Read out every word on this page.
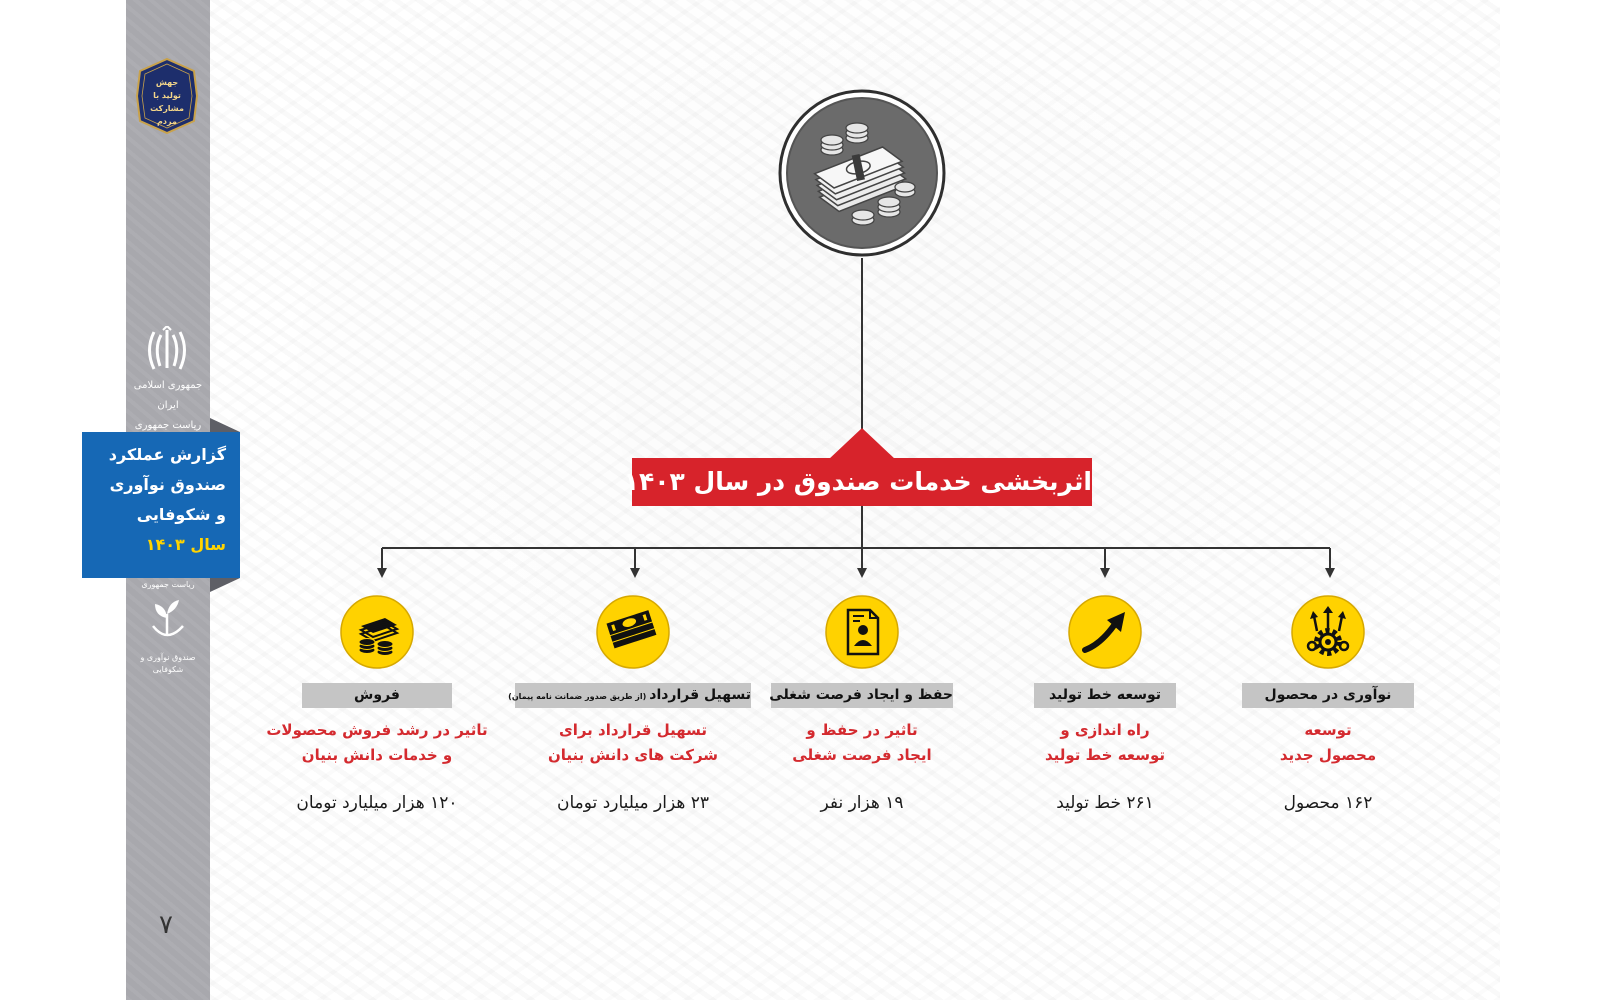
جهش تولید با مشارکت مردم
جمهوری اسلامی ایران
ریاست جمهوری
گزارش عملکرد
صندوق نوآوری
و شکوفایی
سال ۱۴۰۳
ریاست جمهوری
صندوق نوآوری و شکوفایی
۷
اثربخشی خدمات صندوق در سال ۱۴۰۳
فروش
تاثیر در رشد فروش محصولات
و خدمات دانش بنیان
۱۲۰ هزار میلیارد تومان
تسهیل قرارداد(از طریق صدور ضمانت نامه پیمان)
تسهیل قرارداد برای
شرکت های دانش بنیان
۲۳ هزار میلیارد تومان
حفظ و ایجاد فرصت شغلی
تاثیر در حفظ و
ایجاد فرصت شغلی
۱۹ هزار نفر
توسعه خط تولید
راه اندازی و
توسعه خط تولید
۲۶۱ خط تولید
نوآوری در محصول
توسعه
محصول جدید
۱۶۲ محصول
